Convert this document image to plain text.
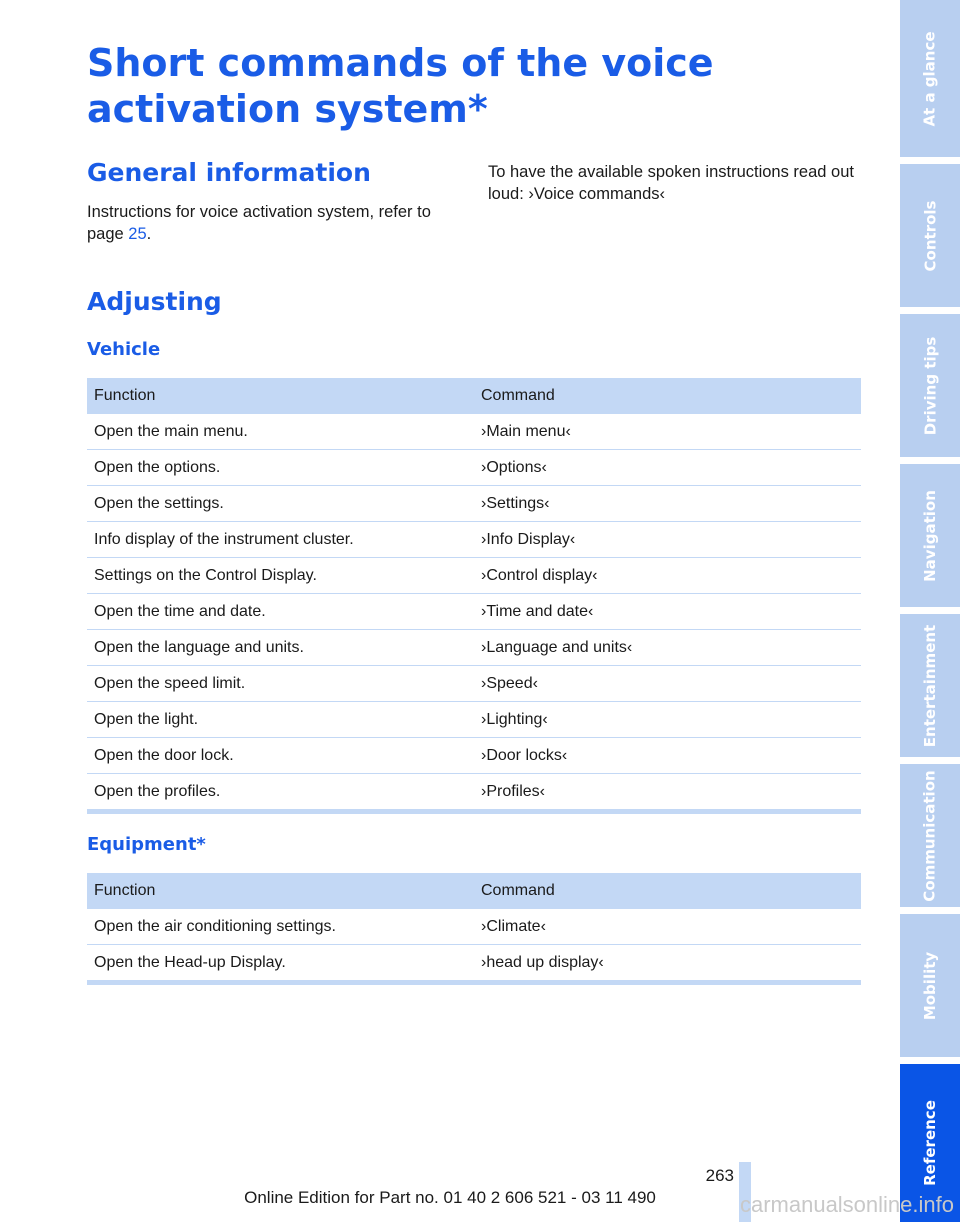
Short commands of the voice activation system*
General information

Instructions for voice activation system, refer to page 25.

To have the available spoken instructions read out loud: ›Voice commands‹

Adjusting
Vehicle
Function	Command
Open the main menu.	›Main menu‹
Open the options.	›Options‹
Open the settings.	›Settings‹
Info display of the instrument cluster.	›Info Display‹
Settings on the Control Display.	›Control display‹
Open the time and date.	›Time and date‹
Open the language and units.	›Language and units‹
Open the speed limit.	›Speed‹
Open the light.	›Lighting‹
Open the door lock.	›Door locks‹
Open the profiles.	›Profiles‹
Equipment*
Function	Command
Open the air conditioning settings.	›Climate‹
Open the Head-up Display.	›head up display‹
At a glance
Controls
Driving tips
Navigation
Entertainment
Communication
Mobility
Reference
263
Online Edition for Part no. 01 40 2 606 521 - 03 11 490	carmanualsonline.info
